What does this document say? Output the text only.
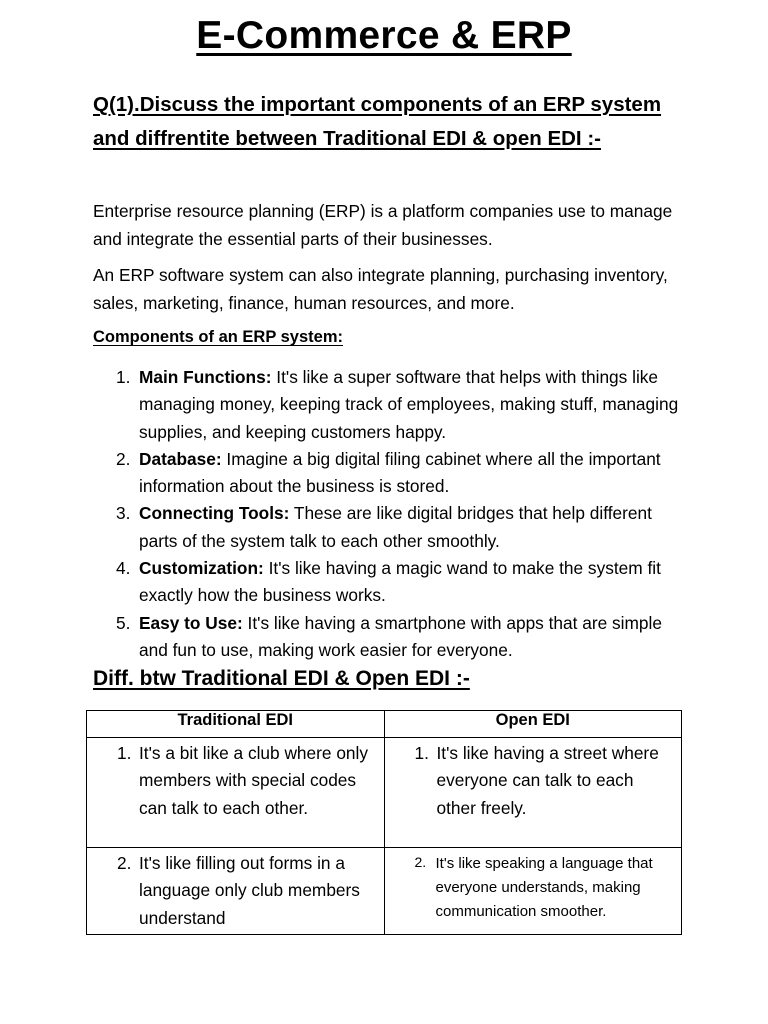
E-Commerce & ERP
Q(1).Discuss the important components of an ERP system and diffrentite between Traditional EDI & open EDI :-
Enterprise resource planning (ERP) is a platform companies use to manage and integrate the essential parts of their businesses.
An ERP software system can also integrate planning, purchasing inventory, sales, marketing, finance, human resources, and more.
Components of an ERP system:
1. Main Functions: It's like a super software that helps with things like managing money, keeping track of employees, making stuff, managing supplies, and keeping customers happy.
2. Database: Imagine a big digital filing cabinet where all the important information about the business is stored.
3. Connecting Tools: These are like digital bridges that help different parts of the system talk to each other smoothly.
4. Customization: It's like having a magic wand to make the system fit exactly how the business works.
5. Easy to Use: It's like having a smartphone with apps that are simple and fun to use, making work easier for everyone.
Diff. btw Traditional EDI & Open EDI :-
Traditional EDI	Open EDI

1. It's a bit like a club where only members with special codes can talk to each other.	1. It's like having a street where everyone can talk to each other freely.

2. It's like filling out forms in a language only club members understand	2. It's like speaking a language that everyone understands, making communication smoother.
